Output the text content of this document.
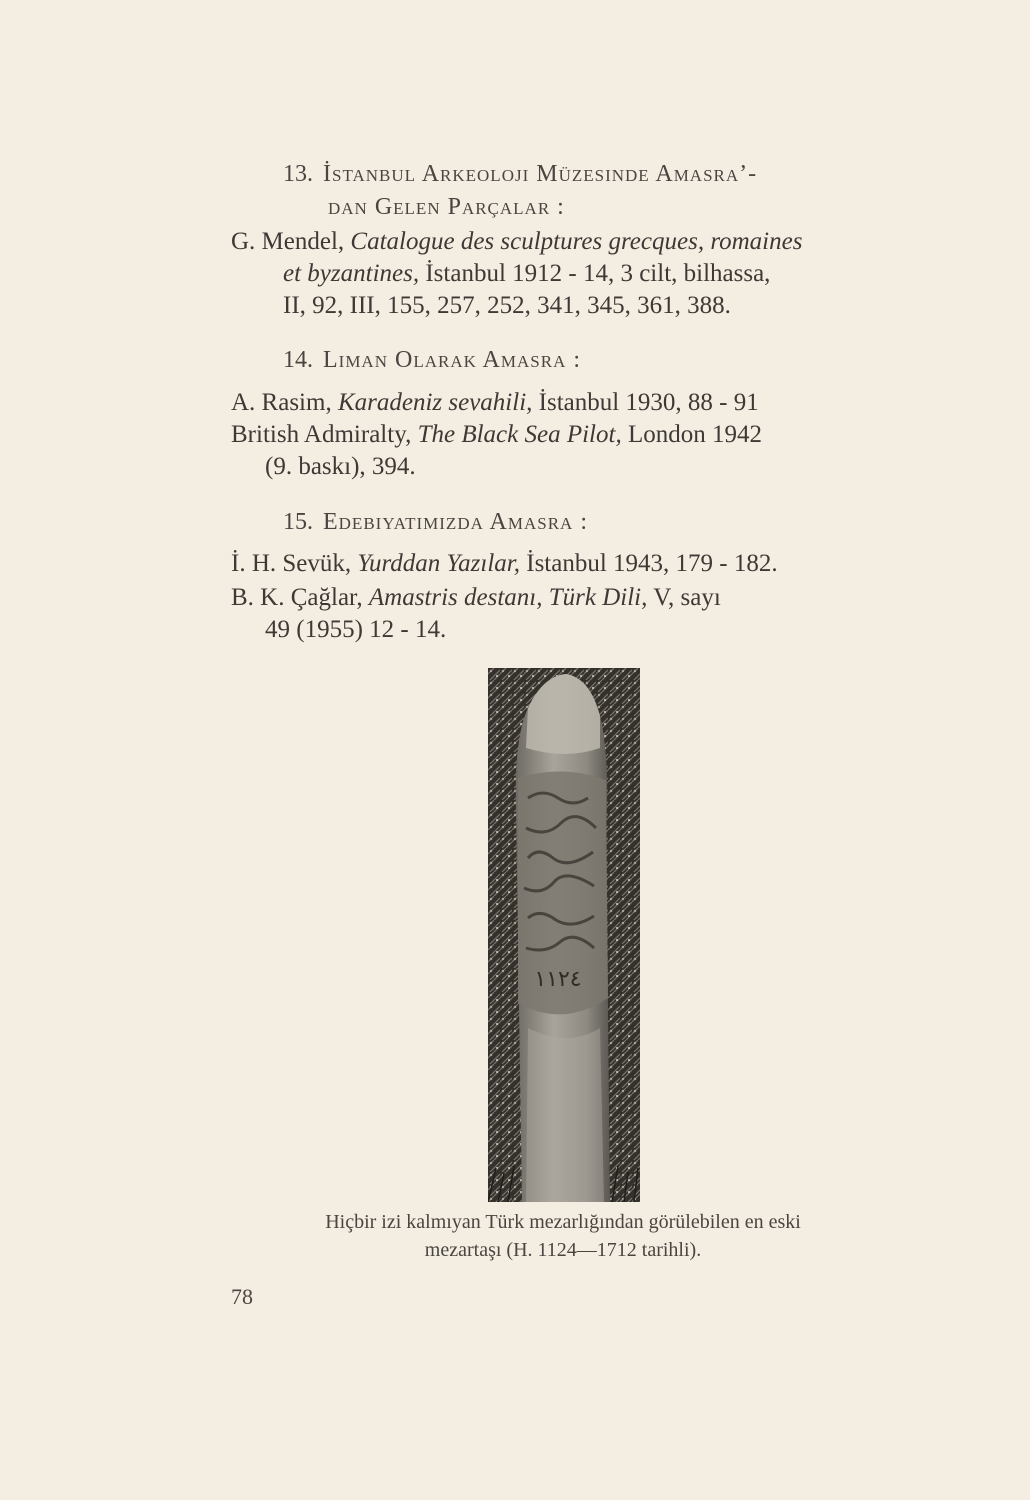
13. İstanbul Arkeoloji Müzesinde Amasra’-
dan Gelen Parçalar :
G. Mendel, Catalogue des sculptures grecques, romaines
et byzantines, İstanbul 1912 - 14, 3 cilt, bilhassa,
II, 92, III, 155, 257, 252, 341, 345, 361, 388.
14. Liman Olarak Amasra :
A. Rasim, Karadeniz sevahili, İstanbul 1930, 88 - 91
British Admiralty, The Black Sea Pilot, London 1942
(9. baskı), 394.
15. Edebiyatımızda Amasra :
İ. H. Sevük, Yurddan Yazılar, İstanbul 1943, 179 - 182.
B. K. Çağlar, Amastris destanı, Türk Dili, V, sayı
49 (1955) 12 - 14.
١١٢٤
Hiçbir izi kalmıyan Türk mezarlığından görülebilen en eski
mezartaşı (H. 1124—1712 tarihli).
78
